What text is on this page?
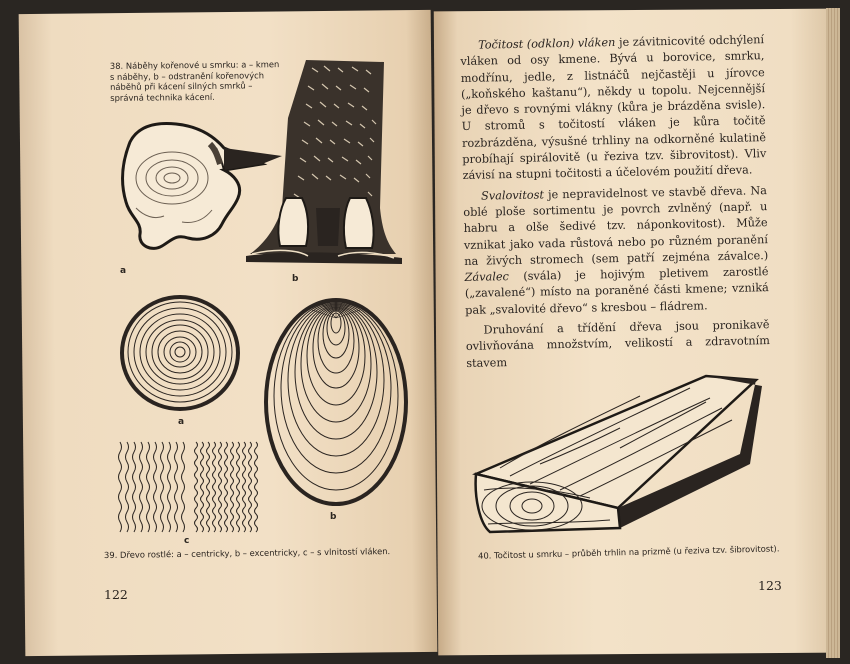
38. Náběhy kořenové u smrku: a – kmen s náběhy, b – odstranění kořenových náběhů při kácení silných smrků – správná technika kácení.
a
b
a
b
c
39. Dřevo rostlé: a – centricky, b – excentricky, c – s vlnitostí vláken.
122

Točitost (odklon) vláken je závitnicovité odchýlení vláken od osy kmene. Bývá u borovice, smrku, modřínu, jedle, z listnáčů nejčastěji u jírovce („koňského kaštanu“), někdy u topolu. Nejcennější je dřevo s rovnými vlákny (kůra je brázděna svisle). U stromů s točitostí vláken je kůra točitě rozbrázděna, výsušné trhliny na odkorněné kulatině probíhají spirálovitě (u řeziva tzv. šibrovitost). Vliv závisí na stupni točitosti a účelovém použití dřeva.

Svalovitost je nepravidelnost ve stavbě dřeva. Na oblé ploše sortimentu je povrch zvlněný (např. u habru a olše šedivé tzv. náponkovitost). Může vznikat jako vada růstová nebo po různém poranění na živých stromech (sem patří zejména závalce.) Závalec (svála) je hojivým pletivem zarostlé („zavalené“) místo na poraněné části kmene; vzniká pak „svalovité dřevo“ s kresbou – fládrem.

Druhování a třídění dřeva jsou pronikavě ovlivňována množstvím, velikostí a zdravotním stavem

40. Točitost u smrku – průběh trhlin na prizmě (u řeziva tzv. šibrovitost).
123
